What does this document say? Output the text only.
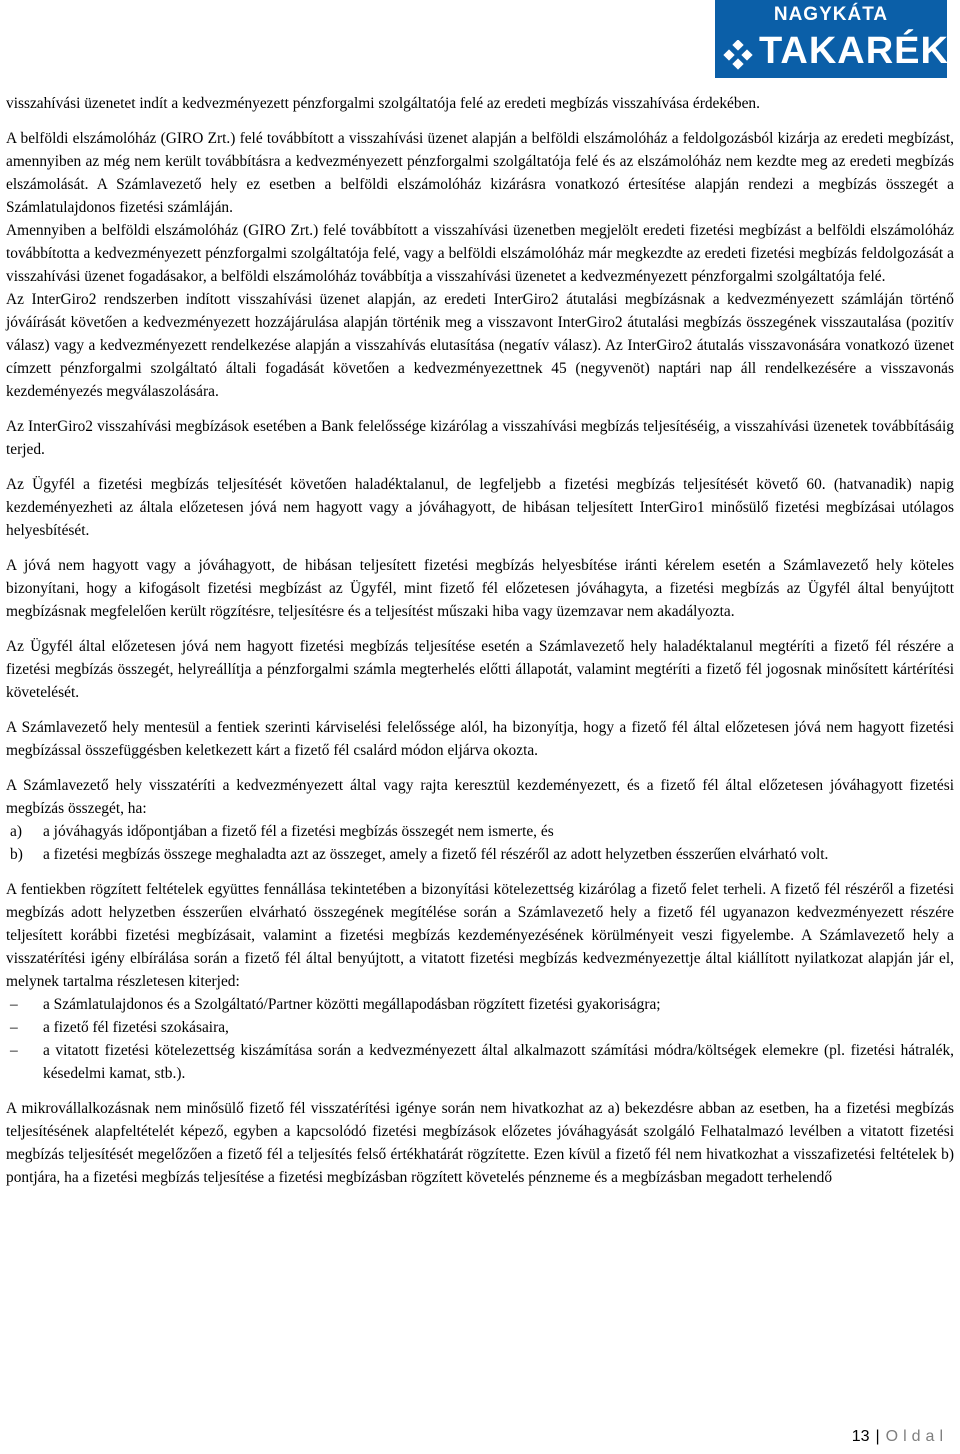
NAGYKÁTA
TAKARÉK

visszahívási üzenetet indít a kedvezményezett pénzforgalmi szolgáltatója felé az eredeti megbízás visszahívása érdekében.

A belföldi elszámolóház (GIRO Zrt.) felé továbbított a visszahívási üzenet alapján a belföldi elszámolóház a feldolgozásból kizárja az eredeti megbízást, amennyiben az még nem került továbbításra a kedvezményezett pénzforgalmi szolgáltatója felé és az elszámolóház nem kezdte meg az eredeti megbízás elszámolását. A Számlavezető hely ez esetben a belföldi elszámolóház kizárásra vonatkozó értesítése alapján rendezi a megbízás összegét a Számlatulajdonos fizetési számláján.

Amennyiben a belföldi elszámolóház (GIRO Zrt.) felé továbbított a visszahívási üzenetben megjelölt eredeti fizetési megbízást a belföldi elszámolóház továbbította a kedvezményezett pénzforgalmi szolgáltatója felé, vagy a belföldi elszámolóház már megkezdte az eredeti fizetési megbízás feldolgozását a visszahívási üzenet fogadásakor, a belföldi elszámolóház továbbítja a visszahívási üzenetet a kedvezményezett pénzforgalmi szolgáltatója felé.

Az InterGiro2 rendszerben indított visszahívási üzenet alapján, az eredeti InterGiro2 átutalási megbízásnak a kedvezményezett számláján történő jóváírását követően a kedvezményezett hozzájárulása alapján történik meg a visszavont InterGiro2 átutalási megbízás összegének visszautalása (pozitív válasz) vagy a kedvezményezett rendelkezése alapján a visszahívás elutasítása (negatív válasz). Az InterGiro2 átutalás visszavonására vonatkozó üzenet címzett pénzforgalmi szolgáltató általi fogadását követően a kedvezményezettnek 45 (negyvenöt) naptári nap áll rendelkezésére a visszavonás kezdeményezés megválaszolására.

Az InterGiro2 visszahívási megbízások esetében a Bank felelőssége kizárólag a visszahívási megbízás teljesítéséig, a visszahívási üzenetek továbbításáig terjed.

Az Ügyfél a fizetési megbízás teljesítését követően haladéktalanul, de legfeljebb a fizetési megbízás teljesítését követő 60. (hatvanadik) napig kezdeményezheti az általa előzetesen jóvá nem hagyott vagy a jóváhagyott, de hibásan teljesített InterGiro1 minősülő fizetési megbízásai utólagos helyesbítését.

A jóvá nem hagyott vagy a jóváhagyott, de hibásan teljesített fizetési megbízás helyesbítése iránti kérelem esetén a Számlavezető hely köteles bizonyítani, hogy a kifogásolt fizetési megbízást az Ügyfél, mint fizető fél előzetesen jóváhagyta, a fizetési megbízás az Ügyfél által benyújtott megbízásnak megfelelően került rögzítésre, teljesítésre és a teljesítést műszaki hiba vagy üzemzavar nem akadályozta.

Az Ügyfél által előzetesen jóvá nem hagyott fizetési megbízás teljesítése esetén a Számlavezető hely haladéktalanul megtéríti a fizető fél részére a fizetési megbízás összegét, helyreállítja a pénzforgalmi számla megterhelés előtti állapotát, valamint megtéríti a fizető fél jogosnak minősített kártérítési követelését.

A Számlavezető hely mentesül a fentiek szerinti kárviselési felelőssége alól, ha bizonyítja, hogy a fizető fél által előzetesen jóvá nem hagyott fizetési megbízással összefüggésben keletkezett kárt a fizető fél csalárd módon eljárva okozta.

A Számlavezető hely visszatéríti a kedvezményezett által vagy rajta keresztül kezdeményezett, és a fizető fél által előzetesen jóváhagyott fizetési megbízás összegét, ha:

a) a jóváhagyás időpontjában a fizető fél a fizetési megbízás összegét nem ismerte, és
b) a fizetési megbízás összege meghaladta azt az összeget, amely a fizető fél részéről az adott helyzetben ésszerűen elvárható volt.

A fentiekben rögzített feltételek együttes fennállása tekintetében a bizonyítási kötelezettség kizárólag a fizető felet terheli. A fizető fél részéről a fizetési megbízás adott helyzetben ésszerűen elvárható összegének megítélése során a Számlavezető hely a fizető fél ugyanazon kedvezményezett részére teljesített korábbi fizetési megbízásait, valamint a fizetési megbízás kezdeményezésének körülményeit veszi figyelembe. A Számlavezető hely a visszatérítési igény elbírálása során a fizető fél által benyújtott, a vitatott fizetési megbízás kedvezményezettje által kiállított nyilatkozat alapján jár el, melynek tartalma részletesen kiterjed:

– a Számlatulajdonos és a Szolgáltató/Partner közötti megállapodásban rögzített fizetési gyakoriságra;
– a fizető fél fizetési szokásaira,
– a vitatott fizetési kötelezettség kiszámítása során a kedvezményezett által alkalmazott számítási módra/költségek elemekre (pl. fizetési hátralék, késedelmi kamat, stb.).

A mikrovállalkozásnak nem minősülő fizető fél visszatérítési igénye során nem hivatkozhat az a) bekezdésre abban az esetben, ha a fizetési megbízás teljesítésének alapfeltételét képező, egyben a kapcsolódó fizetési megbízások előzetes jóváhagyását szolgáló Felhatalmazó levélben a vitatott fizetési megbízás teljesítését megelőzően a fizető fél a teljesítés felső értékhatárát rögzítette. Ezen kívül a fizető fél nem hivatkozhat a visszafizetési feltételek b) pontjára, ha a fizetési megbízás teljesítése a fizetési megbízásban rögzített követelés pénzneme és a megbízásban megadott terhelendő

13 | Oldal
